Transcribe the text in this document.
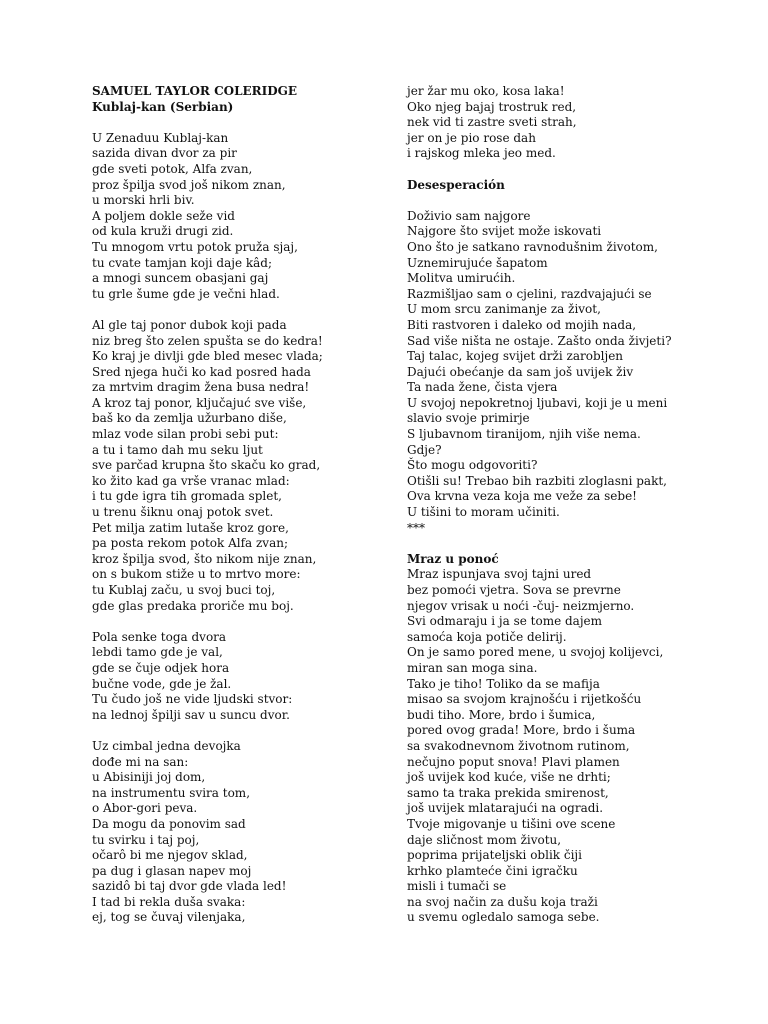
SAMUEL TAYLOR COLERIDGE
Kublaj-kan (Serbian)
U Zenaduu Kublaj-kan
sazida divan dvor za pir
gde sveti potok, Alfa zvan,
proz špilja svod još nikom znan,
u morski hrli biv.
A poljem dokle seže vid
od kula kruži drugi zid.
Tu mnogom vrtu potok pruža sjaj,
tu cvate tamjan koji daje kâd;
a mnogi suncem obasjani gaj
tu grle šume gde je večni hlad.
Al gle taj ponor dubok koji pada
niz breg što zelen spušta se do kedra!
Ko kraj je divlji gde bled mesec vlada;
Sred njega huči ko kad posred hada
za mrtvim dragim žena busa nedra!
A kroz taj ponor, ključajuć sve više,
baš ko da zemlja užurbano diše,
mlaz vode silan probi sebi put:
a tu i tamo dah mu seku ljut
sve parčad krupna što skaču ko grad,
ko žito kad ga vrše vranac mlad:
i tu gde igra tih gromada splet,
u trenu šiknu onaj potok svet.
Pet milja zatim lutaše kroz gore,
pa posta rekom potok Alfa zvan;
kroz špilja svod, što nikom nije znan,
on s bukom stiže u to mrtvo more:
tu Kublaj začu, u svoj buci toj,
gde glas predaka proriče mu boj.
Pola senke toga dvora
lebdi tamo gde je val,
gde se čuje odjek hora
bučne vode, gde je žal.
Tu čudo još ne vide ljudski stvor:
na lednoj špilji sav u suncu dvor.
Uz cimbal jedna devojka
dođe mi na san:
u Abisiniji joj dom,
na instrumentu svira tom,
o Abor-gori peva.
Da mogu da ponovim sad
tu svirku i taj poj,
očarô bi me njegov sklad,
pa dug i glasan napev moj
sazidô bi taj dvor gde vlada led!
I tad bi rekla duša svaka:
ej, tog se čuvaj vilenjaka,
jer žar mu oko, kosa laka!
Oko njeg bajaj trostruk red,
nek vid ti zastre sveti strah,
jer on je pio rose dah
i rajskog mleka jeo med.
Desesperación
Doživio sam najgore
Najgore što svijet može iskovati
Ono što je satkano ravnodušnim životom,
Uznemirujuće šapatom
Molitva umirućih.
Razmišljao sam o cjelini, razdvajajući se
U mom srcu zanimanje za život,
Biti rastvoren i daleko od mojih nada,
Sad više ništa ne ostaje. Zašto onda živjeti?
Taj talac, kojeg svijet drži zarobljen
Dajući obećanje da sam još uvijek živ
Ta nada žene, čista vjera
U svojoj nepokretnoj ljubavi, koji je u meni
slavio svoje primirje
S ljubavnom tiranijom, njih više nema.
Gdje?
Što mogu odgovoriti?
Otišli su! Trebao bih razbiti zloglasni pakt,
Ova krvna veza koja me veže za sebe!
U tišini to moram učiniti.
***
Mraz u ponoć
Mraz ispunjava svoj tajni ured
bez pomoći vjetra. Sova se prevrne
njegov vrisak u noći -čuj- neizmjerno.
Svi odmaraju i ja se tome dajem
samoća koja potiče delirij.
On je samo pored mene, u svojoj kolijevci,
miran san moga sina.
Tako je tiho! Toliko da se mafija
misao sa svojom krajnošću i rijetkošću
budi tiho. More, brdo i šumica,
pored ovog grada! More, brdo i šuma
sa svakodnevnom životnom rutinom,
nečujno poput snova! Plavi plamen
još uvijek kod kuće, više ne drhti;
samo ta traka prekida smirenost,
još uvijek mlatarajući na ogradi.
Tvoje migovanje u tišini ove scene
daje sličnost mom životu,
poprima prijateljski oblik čiji
krhko plamteće čini igračku
misli i tumači se
na svoj način za dušu koja traži
u svemu ogledalo samoga sebe.
